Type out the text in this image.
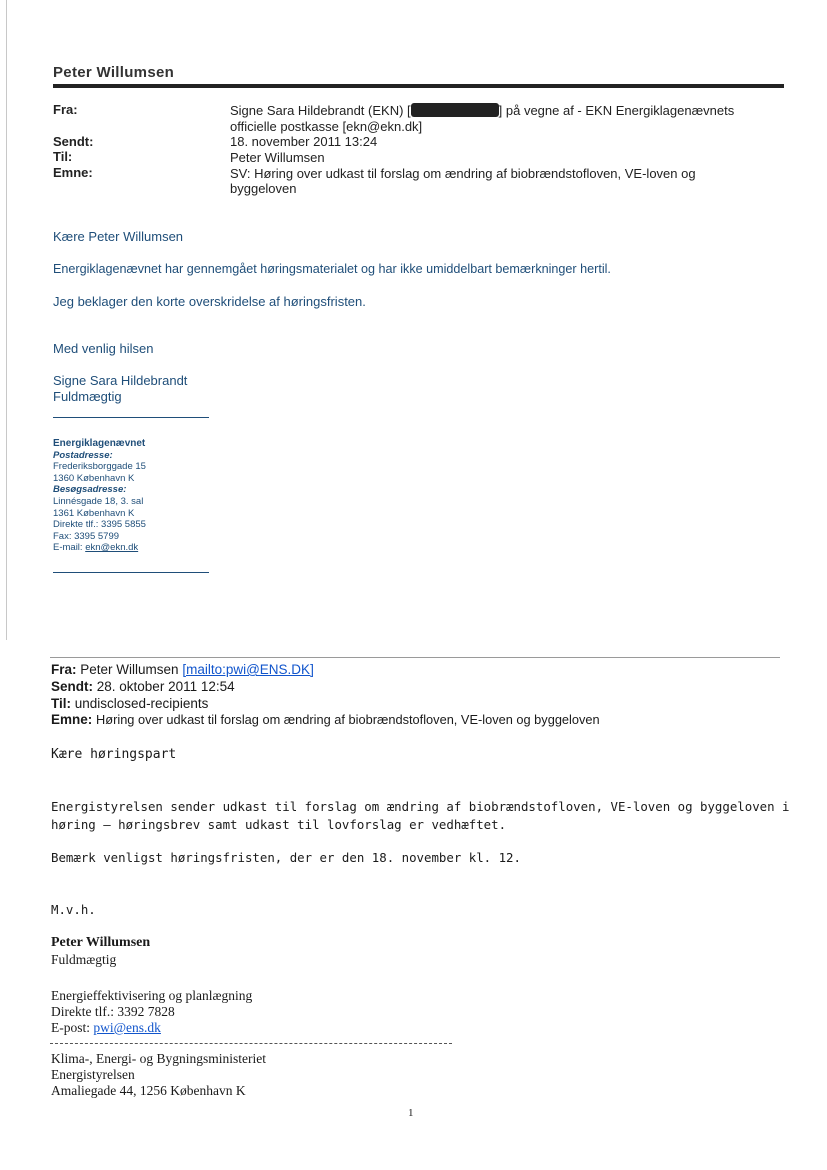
Peter Willumsen
Fra:
Sendt:
Til:
Emne:
Signe Sara Hildebrandt (EKN) [	] på vegne af - EKN Energiklagenævnets
officielle postkasse [ekn@ekn.dk]
18. november 2011 13:24
Peter Willumsen
SV: Høring over udkast til forslag om ændring af biobrændstofloven, VE-loven og
byggeloven
Kære Peter Willumsen
Energiklagenævnet har gennemgået høringsmaterialet og har ikke umiddelbart bemærkninger hertil.
Jeg beklager den korte overskridelse af høringsfristen.
Med venlig hilsen
Signe Sara Hildebrandt
Fuldmægtig
Energiklagenævnet
Postadresse:
Frederiksborggade 15
1360 København K
Besøgsadresse:
Linnésgade 18, 3. sal
1361 København K
Direkte tlf.: 3395 5855
Fax: 3395 5799
E-mail: ekn@ekn.dk
Fra: Peter Willumsen [mailto:pwi@ENS.DK]
Sendt: 28. oktober 2011 12:54
Til: undisclosed-recipients
Emne: Høring over udkast til forslag om ændring af biobrændstofloven, VE-loven og byggeloven
Kære høringspart
Energistyrelsen sender udkast til forslag om ændring af biobrændstofloven, VE-loven og byggeloven i
høring – høringsbrev samt udkast til lovforslag er vedhæftet.
Bemærk venligst høringsfristen, der er den 18. november kl. 12.
M.v.h.
Peter Willumsen
Fuldmægtig
Energieffektivisering og planlægning
Direkte tlf.: 3392 7828
E-post: pwi@ens.dk
Klima-, Energi- og Bygningsministeriet
Energistyrelsen
Amaliegade 44, 1256 København K
1
